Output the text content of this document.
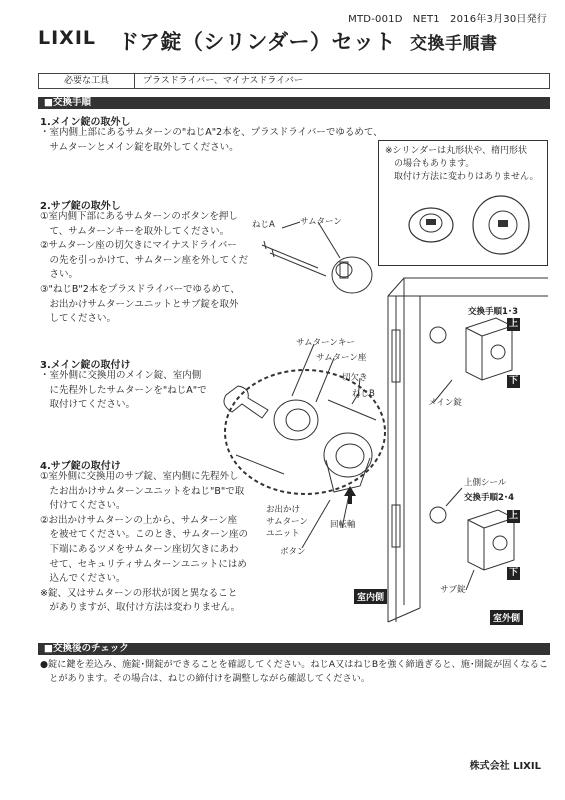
MTD-001D　NET1　2016年3月30日発行
LIXIL ドア錠（シリンダー）セット 交換手順書
必要な工具	プラスドライバー、マイナスドライバー
■交換手順
1.メイン錠の取外し
・室内側上部にあるサムターンの"ねじA"2本を、プラスドライバーでゆるめて、
　サムターンとメイン錠を取外してください。	※シリンダーは丸形状や、楕円形状
　の場合もあります。
　取付け方法に変わりはありません。
2.サブ錠の取外し
①室内側下部にあるサムターンのボタンを押し
　て、サムターンキーを取外してください。
②サムターン座の切欠きにマイナスドライバー
　の先を引っかけて、サムターン座を外してくだ
　さい。
③"ねじB"2本をプラスドライバーでゆるめて、
　お出かけサムターンユニットとサブ錠を取外
　してください。
3.メイン錠の取付け
・室外側に交換用のメイン錠、室内側
　に先程外したサムターンを"ねじA"で
　取付けてください。
4.サブ錠の取付け
①室外側に交換用のサブ錠、室内側に先程外し
　たお出かけサムターンユニットをねじ"B"で取
　付けてください。
②お出かけサムターンの上から、サムターン座
　を被せてください。このとき、サムターン座の
　下端にあるツメをサムターン座切欠きにあわ
　せて、セキュリティサムターンユニットにはめ
　込んでください。
※錠、又はサムターンの形状が図と異なること
　がありますが、取付け方法は変わりません。
ねじA	サムターン
サムターンキー
サムターン座
切欠き
ねじB
メイン錠
交換手順1･3
上側シール
交換手順2･4
お出かけ
サムターン
ユニット
回転軸
ボタン
サブ錠
上
下
上
下
室内側
室外側
■交換後のチェック
●錠に鍵を差込み、施錠･開錠ができることを確認してください。ねじA又はねじBを強く締過ぎると、施･開錠が固くなるこ
　とがあります。その場合は、ねじの締付けを調整しながら確認してください。
株式会社 LIXIL
